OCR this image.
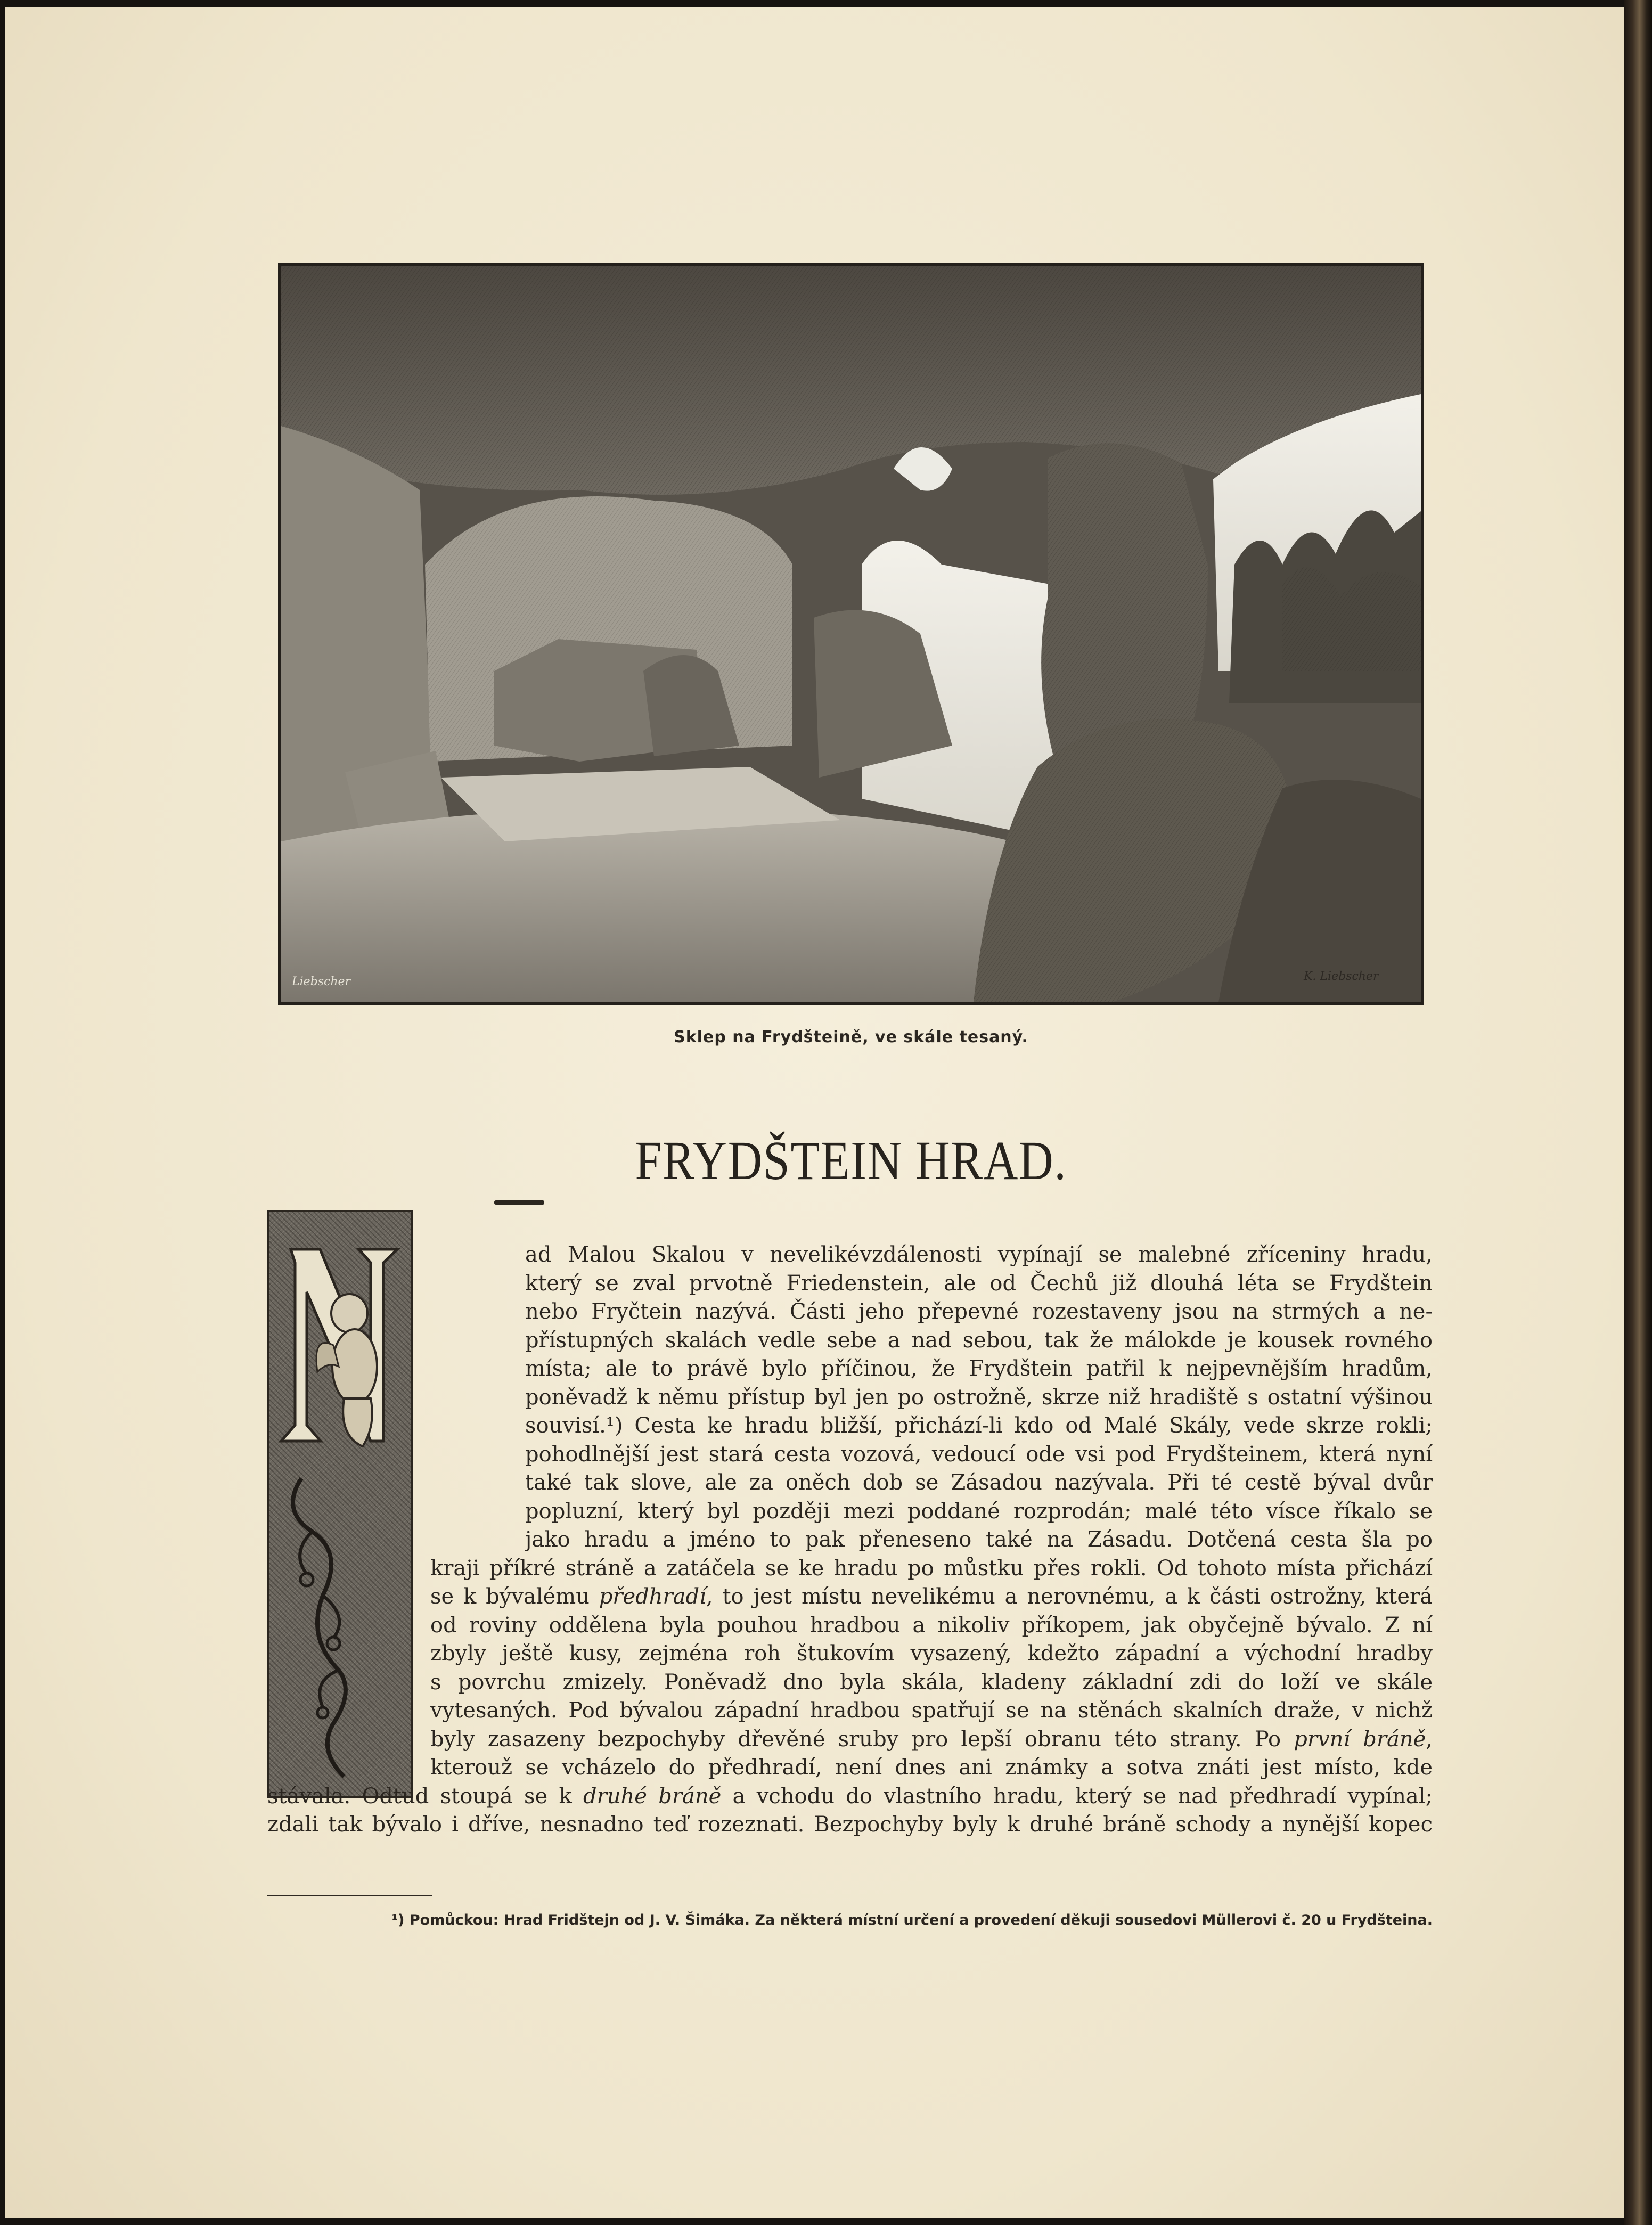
Liebscher	K. Liebscher
Sklep na Frydšteině, ve skále tesaný.
FRYDŠTEIN HRAD.
N
ad Malou Skalou v nevelikévzdálenosti vypínají se malebné zříceniny hradu,
který se zval prvotně Friedenstein, ale od Čechů již dlouhá léta se Frydštein
nebo Fryčtein nazývá. Části jeho přepevné rozestaveny jsou na strmých a ne-
přístupných skalách vedle sebe a nad sebou, tak že málokde je kousek rovného
místa; ale to právě bylo příčinou, že Frydštein patřil k nejpevnějším hradům,
poněvadž k němu přístup byl jen po ostrožně, skrze niž hradiště s ostatní výšinou
souvisí.¹) Cesta ke hradu bližší, přichází-li kdo od Malé Skály, vede skrze rokli;
pohodlnější jest stará cesta vozová, vedoucí ode vsi pod Frydšteinem, která nyní
také tak slove, ale za oněch dob se Zásadou nazývala. Při té cestě býval dvůr
popluzní, který byl později mezi poddané rozprodán; malé této vísce říkalo se
jako hradu a jméno to pak přeneseno také na Zásadu. Dotčená cesta šla po
kraji příkré stráně a zatáčela se ke hradu po můstku přes rokli. Od tohoto místa přichází
se k bývalému předhradí, to jest místu nevelikému a nerovnému, a k části ostrožny, která
od roviny oddělena byla pouhou hradbou a nikoliv příkopem, jak obyčejně bývalo. Z ní
zbyly ještě kusy, zejména roh štukovím vysazený, kdežto západní a východní hradby
s povrchu zmizely. Poněvadž dno byla skála, kladeny základní zdi do loží ve skále
vytesaných. Pod bývalou západní hradbou spatřují se na stěnách skalních draže, v nichž
byly zasazeny bezpochyby dřevěné sruby pro lepší obranu této strany. Po první bráně,
kterouž se vcházelo do předhradí, není dnes ani známky a sotva znáti jest místo, kde
stávala. Odtud stoupá se k druhé bráně a vchodu do vlastního hradu, který se nad předhradí vypínal;
zdali tak bývalo i dříve, nesnadno teď rozeznati. Bezpochyby byly k druhé bráně schody a nynější kopec
¹) Pomůckou: Hrad Fridštejn od J. V. Šimáka. Za některá místní určení a provedení děkuji sousedovi Müllerovi č. 20 u Frydšteina.
